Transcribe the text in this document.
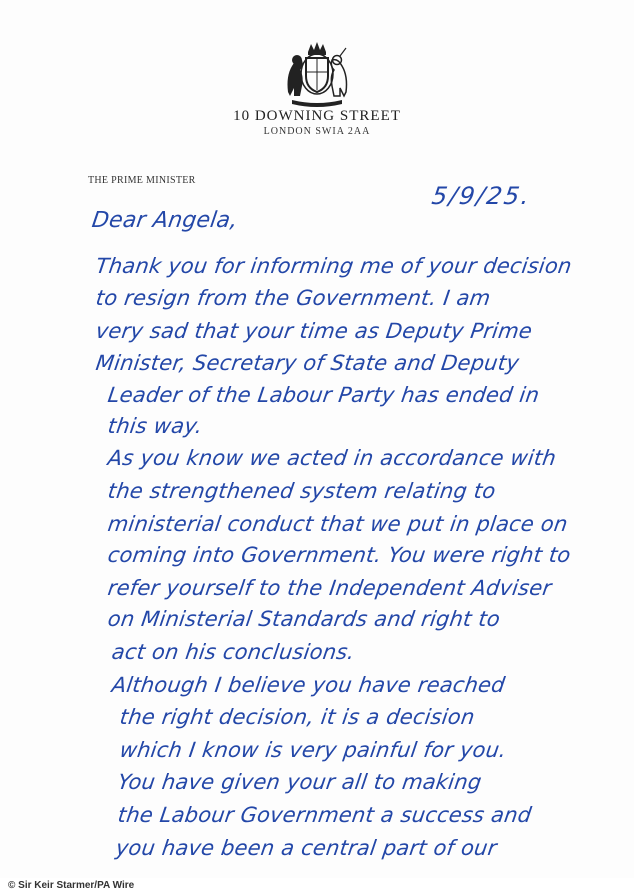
10 DOWNING STREET
LONDON SWIA 2AA
THE PRIME MINISTER
5/9/25.
Dear Angela,
Thank you for informing me of your decision
to resign from the Government. I am
very sad that your time as Deputy Prime
Minister, Secretary of State and Deputy
Leader of the Labour Party has ended in
this way.
As you know we acted in accordance with
the strengthened system relating to
ministerial conduct that we put in place on
coming into Government. You were right to
refer yourself to the Independent Adviser
on Ministerial Standards and right to
act on his conclusions.
Although I believe you have reached
the right decision, it is a decision
which I know is very painful for you.
You have given your all to making
the Labour Government a success and
you have been a central part of our
© Sir Keir Starmer/PA Wire
